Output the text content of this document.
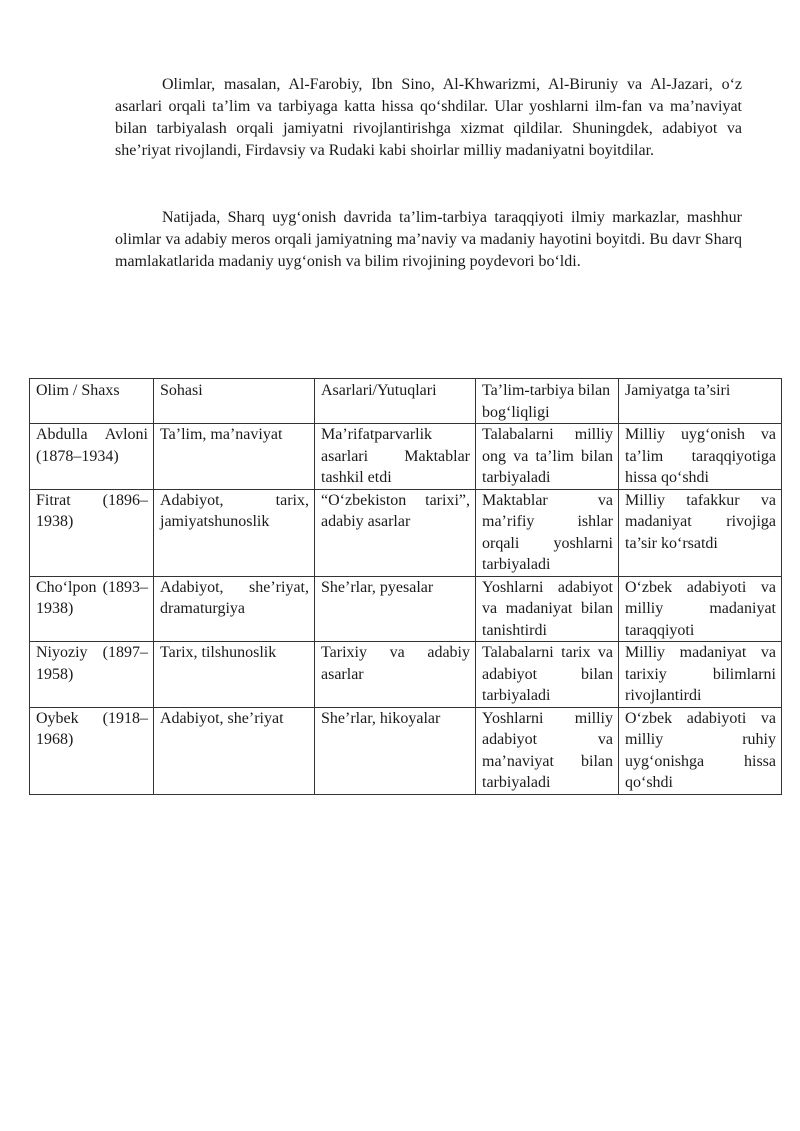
Olimlar, masalan, Al-Farobiy, Ibn Sino, Al-Khwarizmi, Al-Biruniy va Al-Jazari, o‘z asarlari orqali ta’lim va tarbiyaga katta hissa qo‘shdilar. Ular yoshlarni ilm-fan va ma’naviyat bilan tarbiyalash orqali jamiyatni rivojlantirishga xizmat qildilar. Shuningdek, adabiyot va she’riyat rivojlandi, Firdavsiy va Rudaki kabi shoirlar milliy madaniyatni boyitdilar.

Natijada, Sharq uyg‘onish davrida ta’lim-tarbiya taraqqiyoti ilmiy markazlar, mashhur olimlar va adabiy meros orqali jamiyatning ma’naviy va madaniy hayotini boyitdi. Bu davr Sharq mamlakatlarida madaniy uyg‘onish va bilim rivojining poydevori bo‘ldi.

Olim / Shaxs	Sohasi	Asarlari/Yutuqlari	Ta’lim-tarbiya bilan bog‘liqligi	Jamiyatga ta’siri
Abdulla Avloni (1878–1934)	Ta’lim, ma’naviyat	Ma’rifatparvarlik asarlari Maktablar tashkil etdi	Talabalarni milliy ong va ta’lim bilan tarbiyaladi	Milliy uyg‘onish va ta’lim taraqqiyotiga hissa qo‘shdi
Fitrat (1896–1938)	Adabiyot, tarix, jamiyatshunoslik	“O‘zbekiston tarixi”, adabiy asarlar	Maktablar va ma’rifiy ishlar orqali yoshlarni tarbiyaladi	Milliy tafakkur va madaniyat rivojiga ta’sir ko‘rsatdi
Cho‘lpon (1893–1938)	Adabiyot, she’riyat, dramaturgiya	She’rlar, pyesalar	Yoshlarni adabiyot va madaniyat bilan tanishtirdi	O‘zbek adabiyoti va milliy madaniyat taraqqiyoti
Niyoziy (1897–1958)	Tarix, tilshunoslik	Tarixiy va adabiy asarlar	Talabalarni tarix va adabiyot bilan tarbiyaladi	Milliy madaniyat va tarixiy bilimlarni rivojlantirdi
Oybek (1918–1968)	Adabiyot, she’riyat	She’rlar, hikoyalar	Yoshlarni milliy adabiyot va ma’naviyat bilan tarbiyaladi	O‘zbek adabiyoti va milliy ruhiy uyg‘onishga hissa qo‘shdi
